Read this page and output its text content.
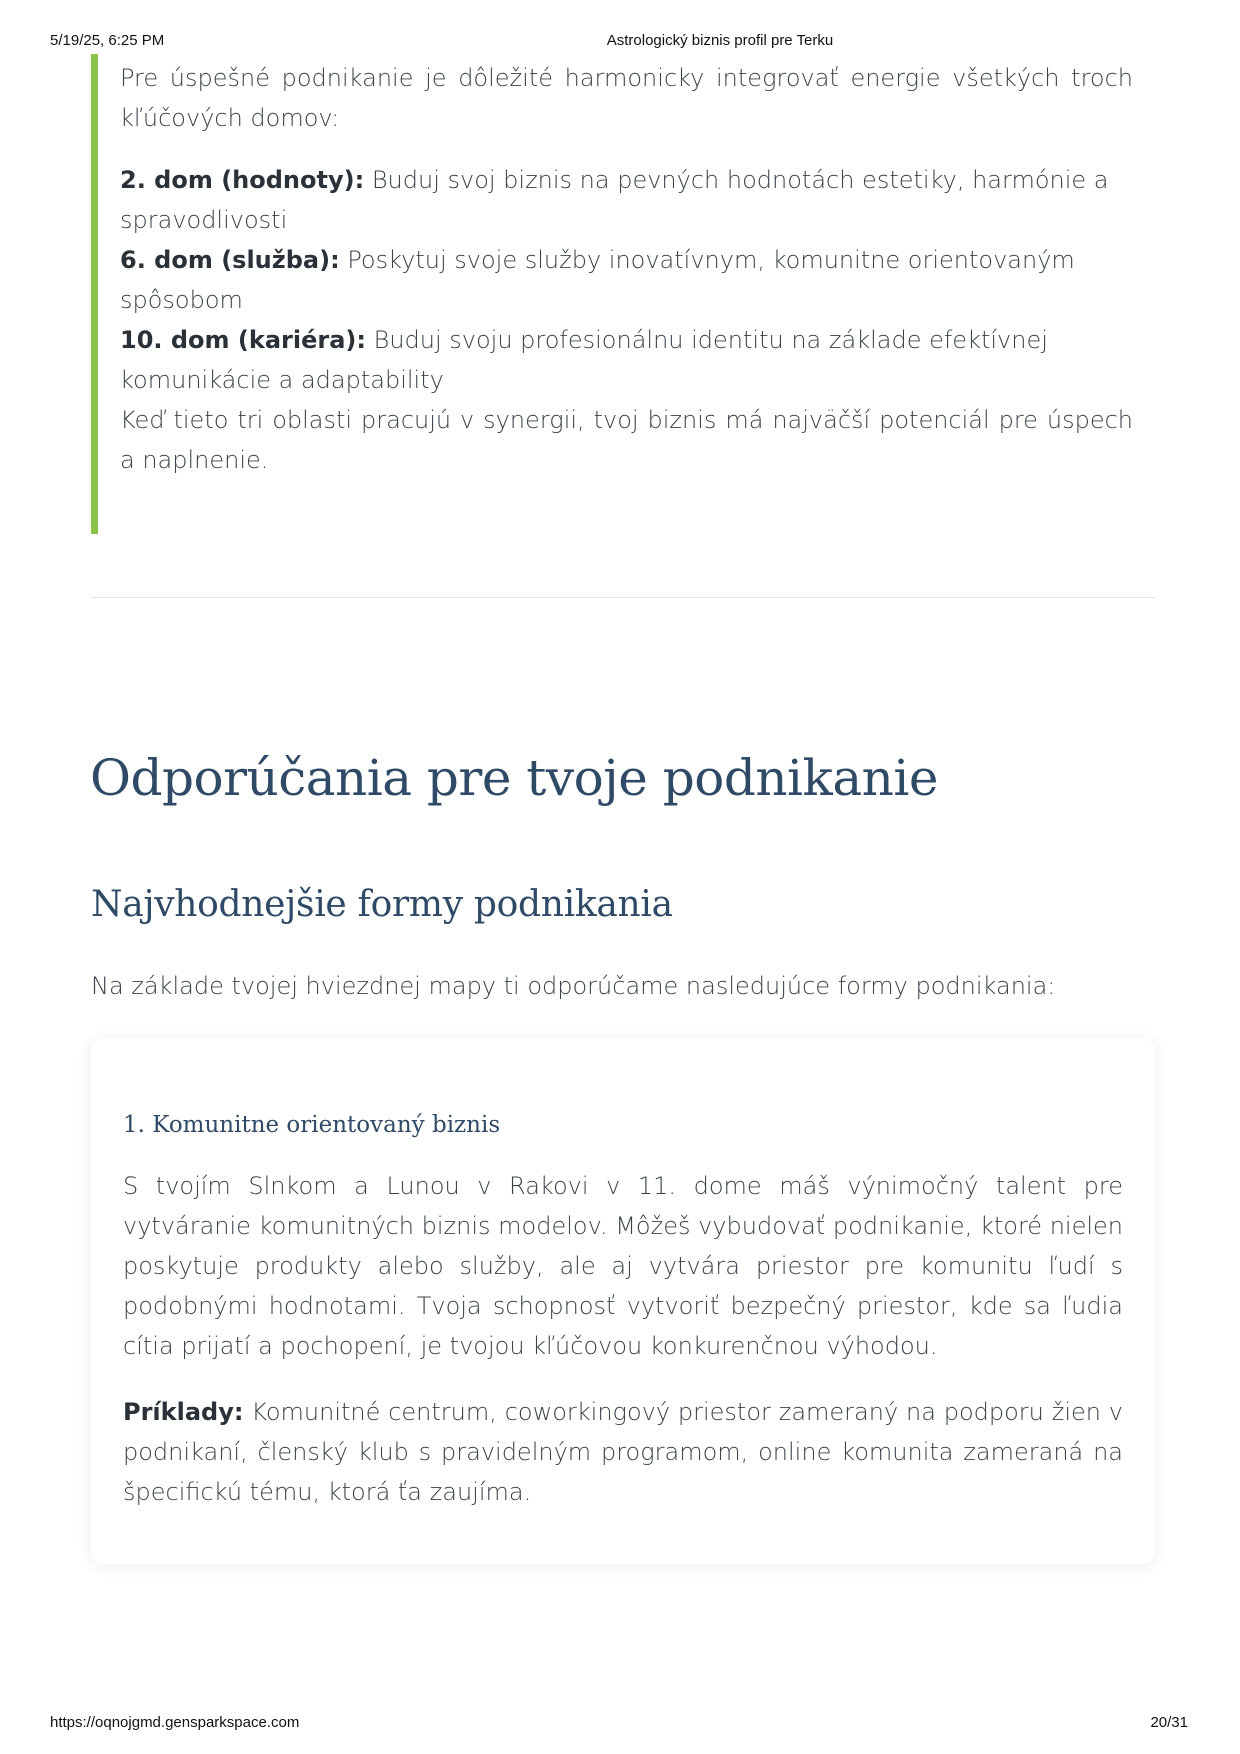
5/19/25, 6:25 PM	Astrologický biznis profil pre Terku

Pre úspešné podnikanie je dôležité harmonicky integrovať energie všetkých troch kľúčových domov:

2. dom (hodnoty): Buduj svoj biznis na pevných hodnotách estetiky, harmónie a spravodlivosti
6. dom (služba): Poskytuj svoje služby inovatívnym, komunitne orientovaným spôsobom
10. dom (kariéra): Buduj svoju profesionálnu identitu na základe efektívnej komunikácie a adaptability

Keď tieto tri oblasti pracujú v synergii, tvoj biznis má najväčší potenciál pre úspech a naplnenie.

Odporúčania pre tvoje podnikanie
Najvhodnejšie formy podnikania

Na základe tvojej hviezdnej mapy ti odporúčame nasledujúce formy podnikania:

1. Komunitne orientovaný biznis

S tvojím Slnkom a Lunou v Rakovi v 11. dome máš výnimočný talent pre vytváranie komunitných biznis modelov. Môžeš vybudovať podnikanie, ktoré nielen poskytuje produkty alebo služby, ale aj vytvára priestor pre komunitu ľudí s podobnými hodnotami. Tvoja schopnosť vytvoriť bezpečný priestor, kde sa ľudia cítia prijatí a pochopení, je tvojou kľúčovou konkurenčnou výhodou.

Príklady: Komunitné centrum, coworkingový priestor zameraný na podporu žien v podnikaní, členský klub s pravidelným programom, online komunita zameraná na špecifickú tému, ktorá ťa zaujíma.

https://oqnojgmd.gensparkspace.com	20/31
